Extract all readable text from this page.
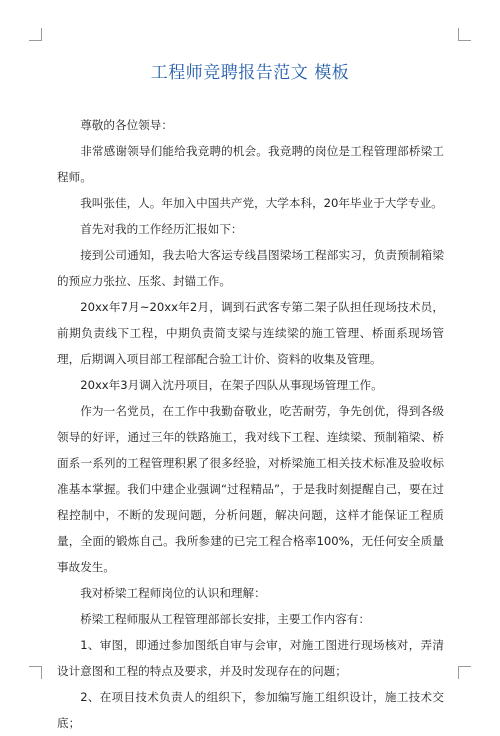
工程师竞聘报告范文 模板

尊敬的各位领导：

非常感谢领导们能给我竞聘的机会。我竞聘的岗位是工程管理部桥梁工程师。

我叫张佳，人。年加入中国共产党，大学本科，20年毕业于大学专业。

首先对我的工作经历汇报如下：

接到公司通知，我去哈大客运专线昌图梁场工程部实习，负责预制箱梁的预应力张拉、压浆、封锚工作。

20xx年7月~20xx年2月，调到石武客专第二架子队担任现场技术员，前期负责线下工程，中期负责简支梁与连续梁的施工管理、桥面系现场管理，后期调入项目部工程部配合验工计价、资料的收集及管理。

20xx年3月调入沈丹项目，在架子四队从事现场管理工作。

作为一名党员，在工作中我勤奋敬业，吃苦耐劳，争先创优，得到各级领导的好评，通过三年的铁路施工，我对线下工程、连续梁、预制箱梁、桥面系一系列的工程管理积累了很多经验，对桥梁施工相关技术标准及验收标准基本掌握。我们中建企业强调“过程精品”，于是我时刻提醒自己，要在过程控制中，不断的发现问题，分析问题，解决问题，这样才能保证工程质量，全面的锻炼自己。我所参建的已完工程合格率100%，无任何安全质量事故发生。

我对桥梁工程师岗位的认识和理解：

桥梁工程师服从工程管理部部长安排，主要工作内容有：

1、审图，即通过参加图纸自审与会审，对施工图进行现场核对，弄清设计意图和工程的特点及要求，并及时发现存在的问题；

2、在项目技术负责人的组织下，参加编写施工组织设计，施工技术交底；
